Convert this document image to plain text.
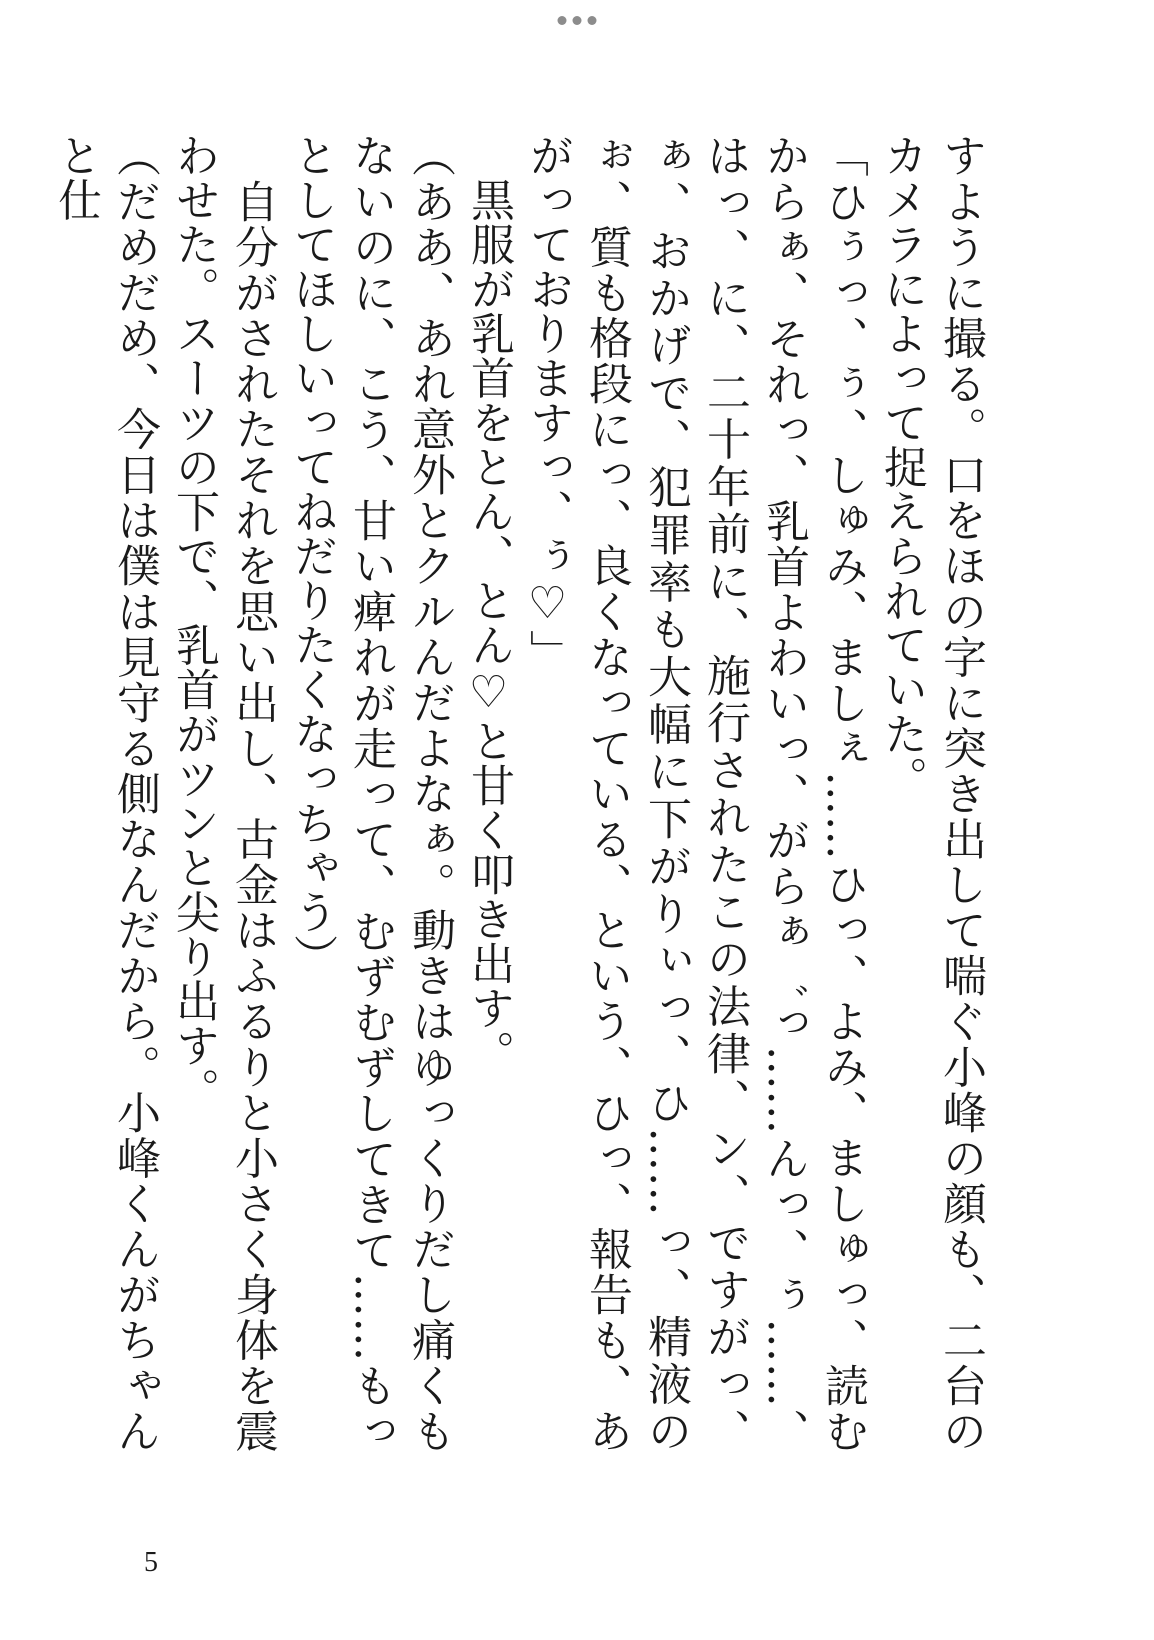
すように撮る。口をほの字に突き出して喘ぐ小峰の顔も、二台のカメラによって捉えられていた。

「ひぅっ、ぅ、しゅみ、ましぇ……ひっ、よみ、ましゅっ、読むからぁ、それっ、乳首よわいっ、がらぁ゛っ……んっ、ぅ……、はっ、に、二十年前に、施行されたこの法律、ン、ですがっ、ぁ、おかげで、犯罪率も大幅に下がりぃっ、ひ……っ、精液のぉ、質も格段にっ、良くなっている、という、ひっ、報告も、あがっておりますっ、ぅ♡」

　黒服が乳首をとん、とん♡と甘く叩き出す。

（ああ、あれ意外とクルんだよなぁ。動きはゆっくりだし痛くもないのに、こう、甘い痺れが走って、むずむずしてきて……もっとしてほしいってねだりたくなっちゃう）

　自分がされたそれを思い出し、古金はふるりと小さく身体を震わせた。スーツの下で、乳首がツンと尖り出す。

（だめだめ、今日は僕は見守る側なんだから。小峰くんがちゃんと仕

5
